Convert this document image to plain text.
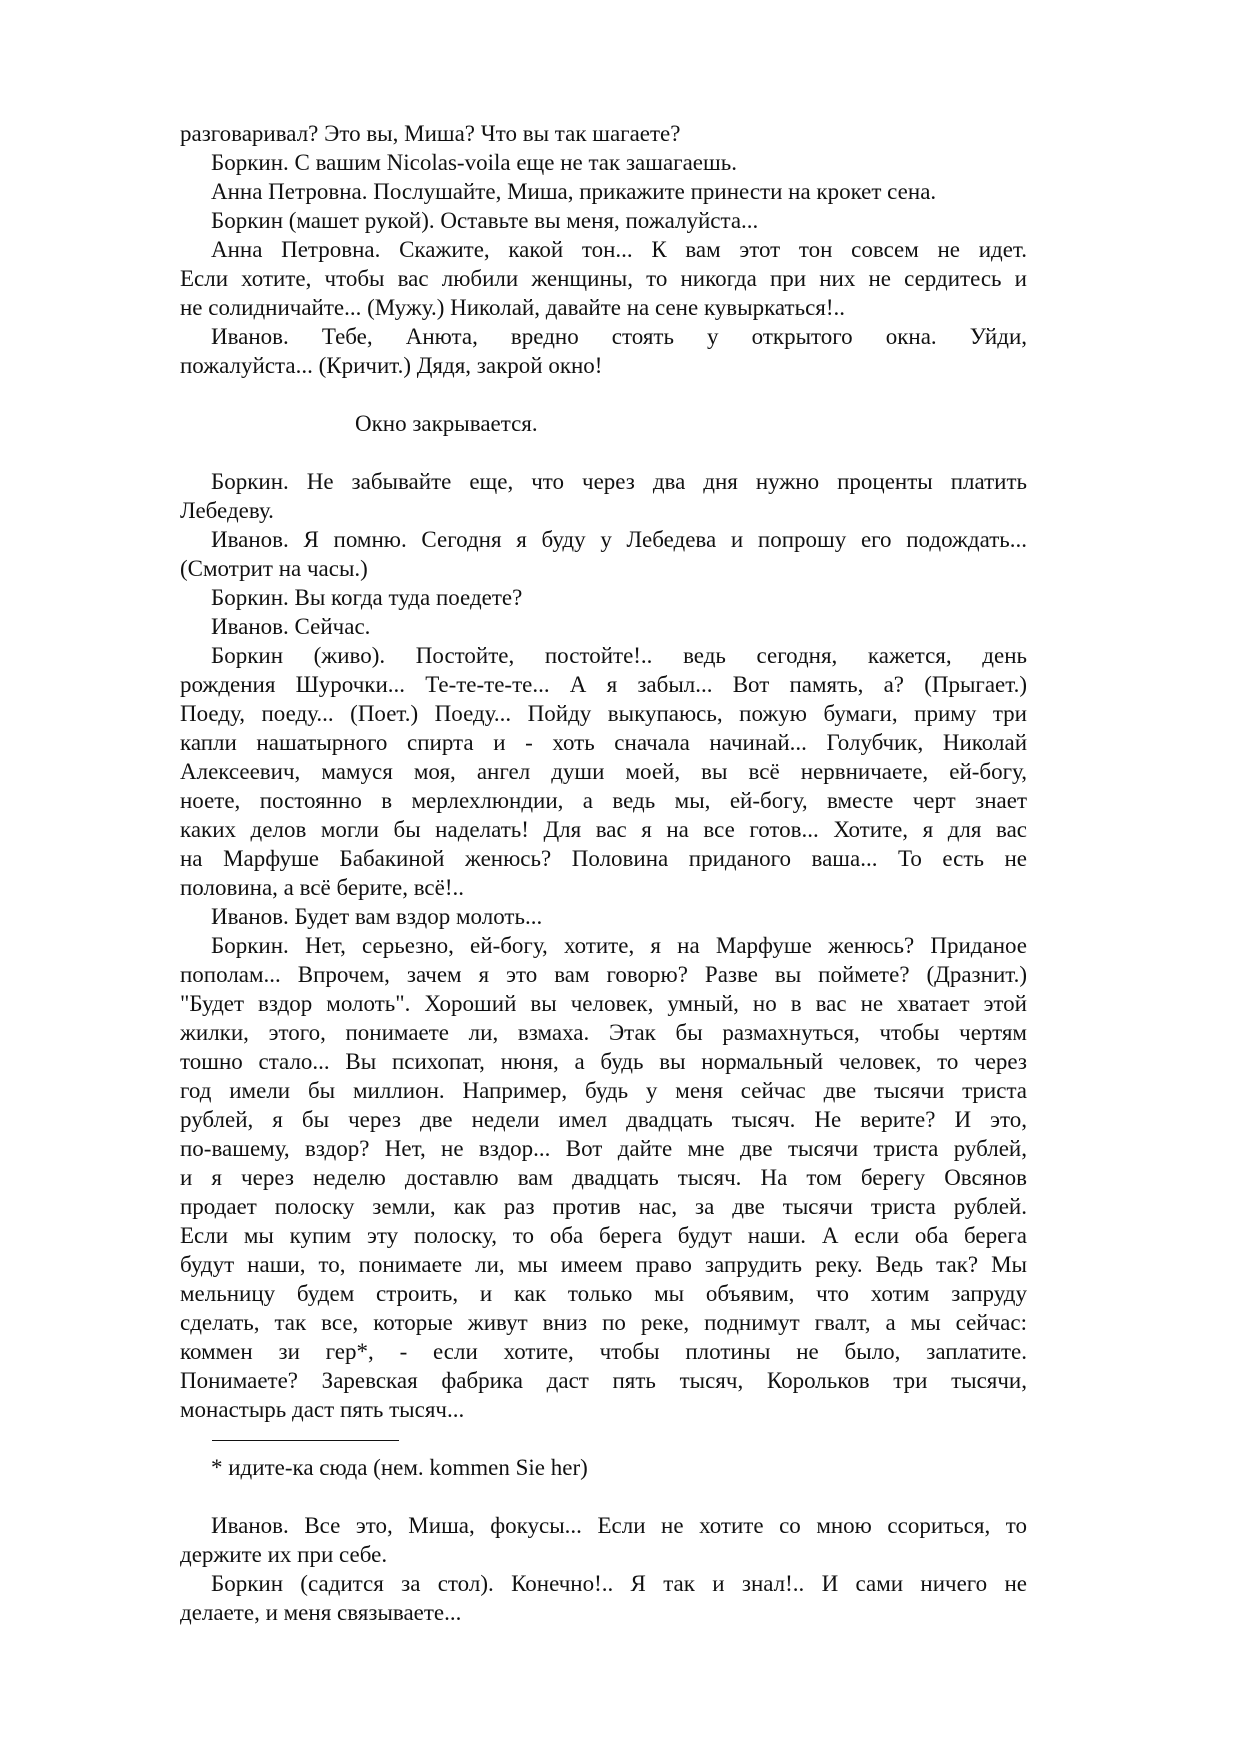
разговаривал? Это вы, Миша? Что вы так шагаете?
Боркин. С вашим Nicolas-voila еще не так зашагаешь.
Анна Петровна. Послушайте, Миша, прикажите принести на крокет сена.
Боркин (машет рукой). Оставьте вы меня, пожалуйста...
Анна Петровна. Скажите, какой тон... К вам этот тон совсем не идет.
Если хотите, чтобы вас любили женщины, то никогда при них не сердитесь и
не солидничайте... (Мужу.) Николай, давайте на сене кувыркаться!..
Иванов. Тебе, Анюта, вредно стоять у открытого окна. Уйди,
пожалуйста... (Кричит.) Дядя, закрой окно!
Окно закрывается.
Боркин. Не забывайте еще, что через два дня нужно проценты платить
Лебедеву.
Иванов. Я помню. Сегодня я буду у Лебедева и попрошу его подождать...
(Смотрит на часы.)
Боркин. Вы когда туда поедете?
Иванов. Сейчас.
Боркин (живо). Постойте, постойте!.. ведь сегодня, кажется, день
рождения Шурочки... Те-те-те-те... А я забыл... Вот память, а? (Прыгает.)
Поеду, поеду... (Поет.) Поеду... Пойду выкупаюсь, пожую бумаги, приму три
капли нашатырного спирта и - хоть сначала начинай... Голубчик, Николай
Алексеевич, мамуся моя, ангел души моей, вы всё нервничаете, ей-богу,
ноете, постоянно в мерлехлюндии, а ведь мы, ей-богу, вместе черт знает
каких делов могли бы наделать! Для вас я на все готов... Хотите, я для вас
на Марфуше Бабакиной женюсь? Половина приданого ваша... То есть не
половина, а всё берите, всё!..
Иванов. Будет вам вздор молоть...
Боркин. Нет, серьезно, ей-богу, хотите, я на Марфуше женюсь? Приданое
пополам... Впрочем, зачем я это вам говорю? Разве вы поймете? (Дразнит.)
"Будет вздор молоть". Хороший вы человек, умный, но в вас не хватает этой
жилки, этого, понимаете ли, взмаха. Этак бы размахнуться, чтобы чертям
тошно стало... Вы психопат, нюня, а будь вы нормальный человек, то через
год имели бы миллион. Например, будь у меня сейчас две тысячи триста
рублей, я бы через две недели имел двадцать тысяч. Не верите? И это,
по-вашему, вздор? Нет, не вздор... Вот дайте мне две тысячи триста рублей,
и я через неделю доставлю вам двадцать тысяч. На том берегу Овсянов
продает полоску земли, как раз против нас, за две тысячи триста рублей.
Если мы купим эту полоску, то оба берега будут наши. А если оба берега
будут наши, то, понимаете ли, мы имеем право запрудить реку. Ведь так? Мы
мельницу будем строить, и как только мы объявим, что хотим запруду
сделать, так все, которые живут вниз по реке, поднимут гвалт, а мы сейчас:
коммен зи гер*, - если хотите, чтобы плотины не было, заплатите.
Понимаете? Заревская фабрика даст пять тысяч, Корольков три тысячи,
монастырь даст пять тысяч...
* идите-ка сюда (нем. kommen Sie her)
Иванов. Все это, Миша, фокусы... Если не хотите со мною ссориться, то
держите их при себе.
Боркин (садится за стол). Конечно!.. Я так и знал!.. И сами ничего не
делаете, и меня связываете...
